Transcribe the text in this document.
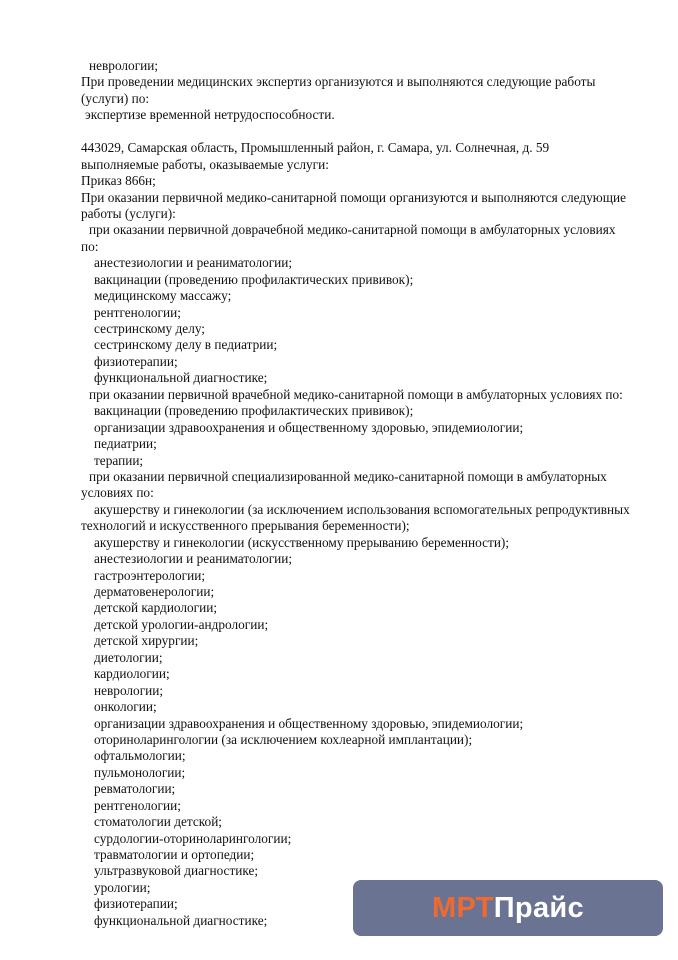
неврологии;
При проведении медицинских экспертиз организуются и выполняются следующие работы
(услуги) по:
экспертизе временной нетрудоспособности.
443029, Самарская область, Промышленный район, г. Самара, ул. Солнечная, д. 59
выполняемые работы, оказываемые услуги:
Приказ 866н;
При оказании первичной медико-санитарной помощи организуются и выполняются следующие
работы (услуги):
при оказании первичной доврачебной медико-санитарной помощи в амбулаторных условиях
по:
анестезиологии и реаниматологии;
вакцинации (проведению профилактических прививок);
медицинскому массажу;
рентгенологии;
сестринскому делу;
сестринскому делу в педиатрии;
физиотерапии;
функциональной диагностике;
при оказании первичной врачебной медико-санитарной помощи в амбулаторных условиях по:
вакцинации (проведению профилактических прививок);
организации здравоохранения и общественному здоровью, эпидемиологии;
педиатрии;
терапии;
при оказании первичной специализированной медико-санитарной помощи в амбулаторных
условиях по:
акушерству и гинекологии (за исключением использования вспомогательных репродуктивных
технологий и искусственного прерывания беременности);
акушерству и гинекологии (искусственному прерыванию беременности);
анестезиологии и реаниматологии;
гастроэнтерологии;
дерматовенерологии;
детской кардиологии;
детской урологии-андрологии;
детской хирургии;
диетологии;
кардиологии;
неврологии;
онкологии;
организации здравоохранения и общественному здоровью, эпидемиологии;
оториноларингологии (за исключением кохлеарной имплантации);
офтальмологии;
пульмонологии;
ревматологии;
рентгенологии;
стоматологии детской;
сурдологии-оториноларингологии;
травматологии и ортопедии;
ультразвуковой диагностике;
урологии;
физиотерапии;
функциональной диагностике;	МРТ Прайс
